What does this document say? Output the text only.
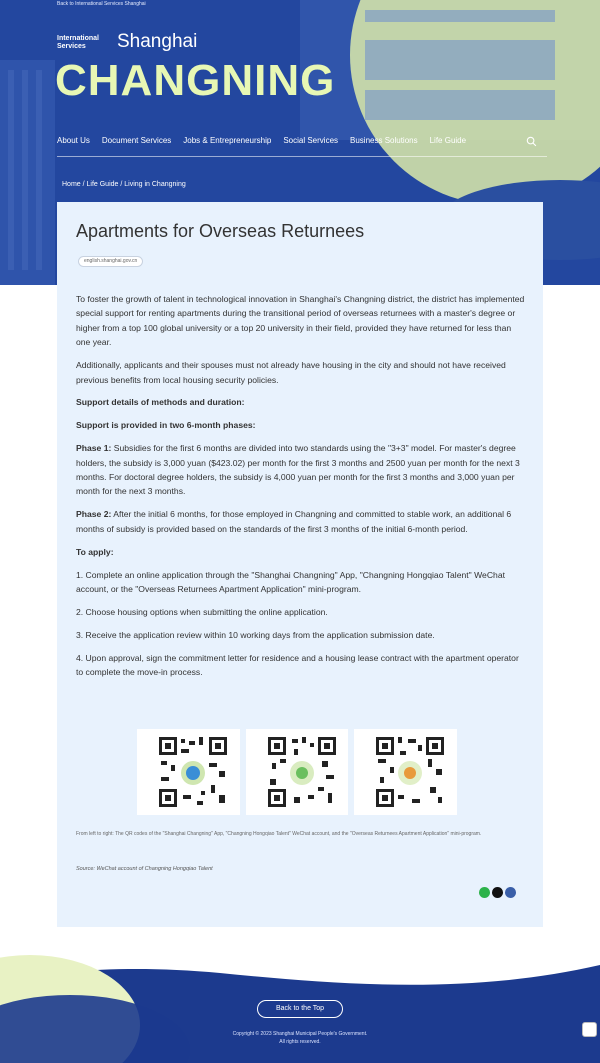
Back to International Services Shanghai
International
Services	Shanghai
CHANGNING
About Us Document Services Jobs & Entrepreneurship Social Services Business Solutions Life Guide
Home / Life Guide / Living in Changning
Apartments for Overseas Returnees
english.shanghai.gov.cn

To foster the growth of talent in technological innovation in Shanghai's Changning district, the district has implemented special support for renting apartments during the transitional period of overseas returnees with a master's degree or higher from a top 100 global university or a top 20 university in their field, provided they have returned for less than one year.

Additionally, applicants and their spouses must not already have housing in the city and should not have received previous benefits from local housing security policies.

Support details of methods and duration:

Support is provided in two 6-month phases:

Phase 1: Subsidies for the first 6 months are divided into two standards using the "3+3" model. For master's degree holders, the subsidy is 3,000 yuan ($423.02) per month for the first 3 months and 2500 yuan per month for the next 3 months. For doctoral degree holders, the subsidy is 4,000 yuan per month for the first 3 months and 3,000 yuan per month for the next 3 months.

Phase 2: After the initial 6 months, for those employed in Changning and committed to stable work, an additional 6 months of subsidy is provided based on the standards of the first 3 months of the initial 6-month period.

To apply:

1. Complete an online application through the "Shanghai Changning" App, "Changning Hongqiao Talent" WeChat account, or the "Overseas Returnees Apartment Application" mini-program.

2. Choose housing options when submitting the online application.

3. Receive the application review within 10 working days from the application submission date.

4. Upon approval, sign the commitment letter for residence and a housing lease contract with the apartment operator to complete the move-in process.

From left to right: The QR codes of the "Shanghai Changning" App, "Changning Hongqiao Talent" WeChat account, and the "Overseas Returnees Apartment Application" mini-program.
Source: WeChat account of Changning Hongqiao Talent
Back to the Top
Copyright © 2023 Shanghai Municipal People's Government.
All rights reserved.
